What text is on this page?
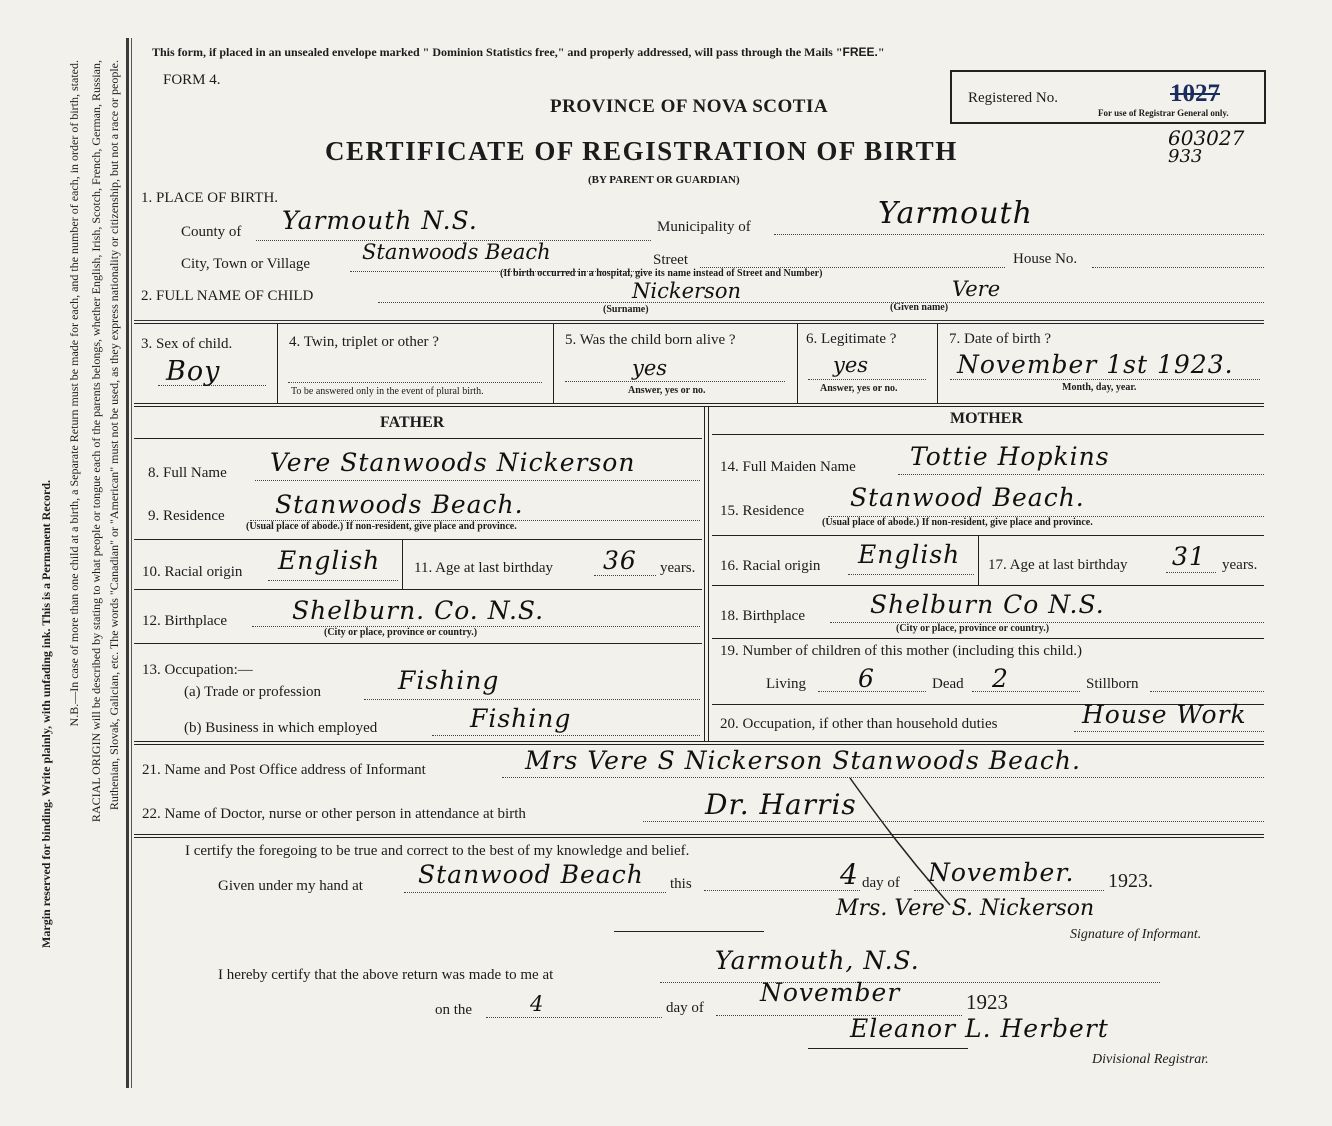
Margin reserved for binding. Write plainly, with unfading ink. This is a Permanent Record. N.B.—In case of more than one child at a birth, a Separate Return must be made for each, and the number of each, in order of birth, stated. RACIAL ORIGIN will be described by stating to what people or tongue each of the parents belongs, whether English, Irish, Scotch, French, German, Russian, Ruthenian, Slovak, Galician, etc. The words "Canadian" or "American" must not be used, as they express nationality or citizenship, but not a race or people.
This form, if placed in an unsealed envelope marked " Dominion Statistics free," and properly addressed, will pass through the Mails "FREE."
FORM 4.
PROVINCE OF NOVA SCOTIA
CERTIFICATE OF REGISTRATION OF BIRTH
(BY PARENT OR GUARDIAN)
Registered No.	1027
For use of Registrar General only.
603027
933
1. PLACE OF BIRTH.
County of Yarmouth N.S.	Municipality of	Yarmouth
City, Town or Village Stanwoods Beach	Street
(If birth occurred in a hospital, give its name instead of Street and Number)
House No.
2. FULL NAME OF CHILD	Nickerson	Vere
(Surname)	(Given name)
3. Sex of child.
Boy
4. Twin, triplet or other ?
To be answered only in the event of plural birth.
5. Was the child born alive ?
yes
Answer, yes or no.
6. Legitimate ?
yes
Answer, yes or no.
7. Date of birth ?
November 1st 1923.
Month, day, year.
FATHER	MOTHER
8. Full Name Vere Stanwoods Nickerson
9. Residence Stanwoods Beach.
(Usual place of abode.) If non-resident, give place and province.
10. Racial origin English 11. Age at last birthday 36 years.
12. Birthplace	Shelburn. Co. N.S.
(City or place, province or country.)
13. Occupation:—
(a) Trade or profession	Fishing
(b) Business in which employed	Fishing
14. Full Maiden Name Tottie Hopkins
15. Residence Stanwood Beach.
(Usual place of abode.) If non-resident, give place and province.
16. Racial origin English 17. Age at last birthday 31 years.
18. Birthplace	Shelburn Co N.S.
(City or place, province or country.)
19. Number of children of this mother (including this child.)
Living 6	Dead 2	Stillborn
20. Occupation, if other than household duties	House Work
21. Name and Post Office address of Informant	Mrs Vere S Nickerson Stanwoods Beach.
22. Name of Doctor, nurse or other person in attendance at birth	Dr. Harris
I certify the foregoing to be true and correct to the best of my knowledge and belief.
Given under my hand at Stanwood Beach this	4 day of November. 1923.
Mrs. Vere S. Nickerson
Signature of Informant.
I hereby certify that the above return was made to me at	Yarmouth, N.S.
on the	4	day of
November	1923
Eleanor L. Herbert
Divisional Registrar.
